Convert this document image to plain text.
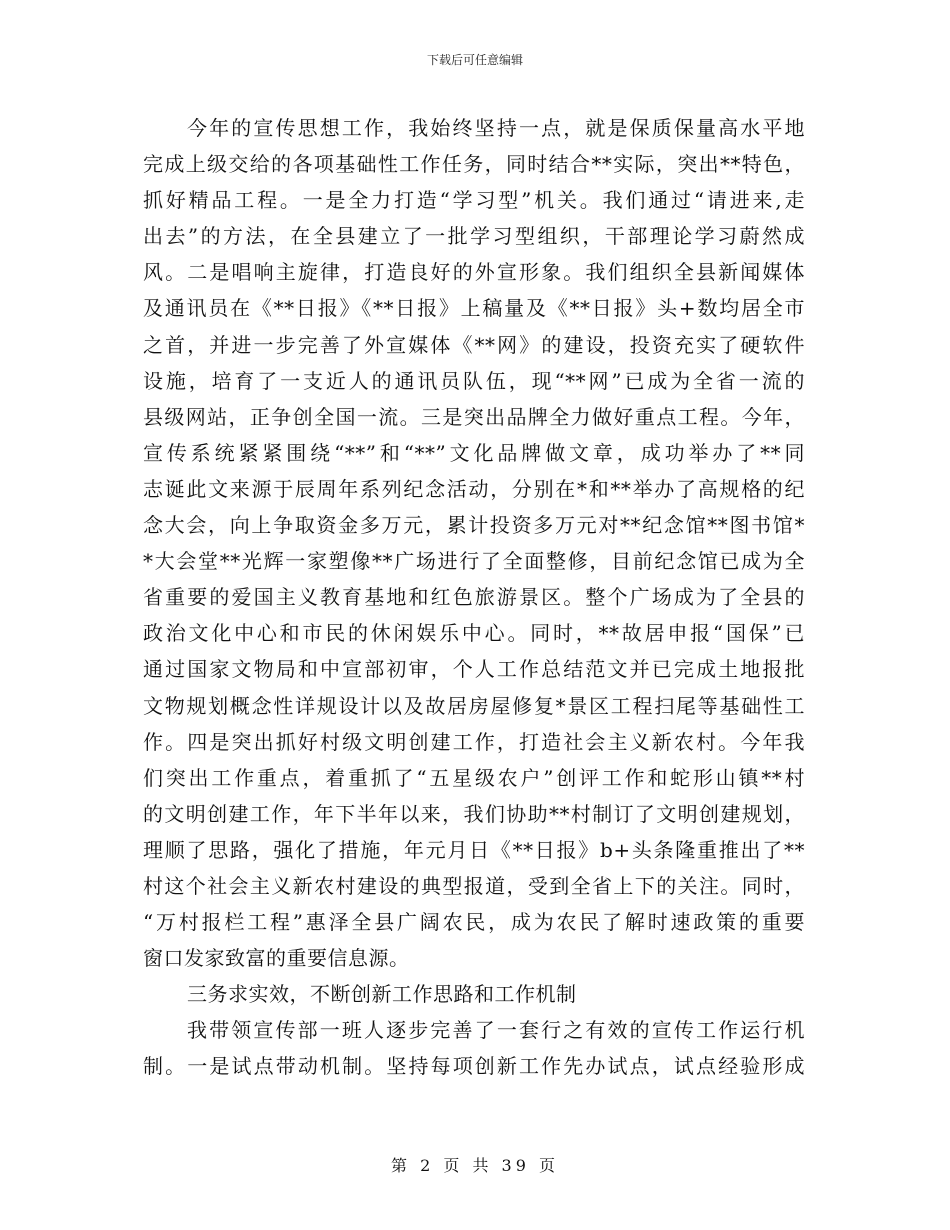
下载后可任意编辑
今年的宣传思想工作，我始终坚持一点，就是保质保量高水平地
完成上级交给的各项基础性工作任务，同时结合**实际，突出**特色，
抓好精品工程。一是全力打造“学习型”机关。我们通过“请进来,走
出去”的方法，在全县建立了一批学习型组织，干部理论学习蔚然成
风。二是唱响主旋律，打造良好的外宣形象。我们组织全县新闻媒体
及通讯员在《**日报》《**日报》上稿量及《**日报》头+数均居全市
之首，并进一步完善了外宣媒体《**网》的建设，投资充实了硬软件
设施，培育了一支近人的通讯员队伍，现“**网”已成为全省一流的
县级网站，正争创全国一流。三是突出品牌全力做好重点工程。今年，
宣传系统紧紧围绕“**”和“**”文化品牌做文章，成功举办了**同
志诞此文来源于辰周年系列纪念活动，分别在*和**举办了高规格的纪
念大会，向上争取资金多万元，累计投资多万元对**纪念馆**图书馆*
*大会堂**光辉一家塑像**广场进行了全面整修，目前纪念馆已成为全
省重要的爱国主义教育基地和红色旅游景区。整个广场成为了全县的
政治文化中心和市民的休闲娱乐中心。同时，**故居申报“国保”已
通过国家文物局和中宣部初审，个人工作总结范文并已完成土地报批
文物规划概念性详规设计以及故居房屋修复*景区工程扫尾等基础性工
作。四是突出抓好村级文明创建工作，打造社会主义新农村。今年我
们突出工作重点，着重抓了“五星级农户”创评工作和蛇形山镇**村
的文明创建工作，年下半年以来，我们协助**村制订了文明创建规划，
理顺了思路，强化了措施，年元月日《**日报》b+头条隆重推出了**
村这个社会主义新农村建设的典型报道，受到全省上下的关注。同时，
“万村报栏工程”惠泽全县广阔农民，成为农民了解时速政策的重要
窗口发家致富的重要信息源。
三务求实效，不断创新工作思路和工作机制
我带领宣传部一班人逐步完善了一套行之有效的宣传工作运行机
制。一是试点带动机制。坚持每项创新工作先办试点，试点经验形成
第 2 页 共 39 页
